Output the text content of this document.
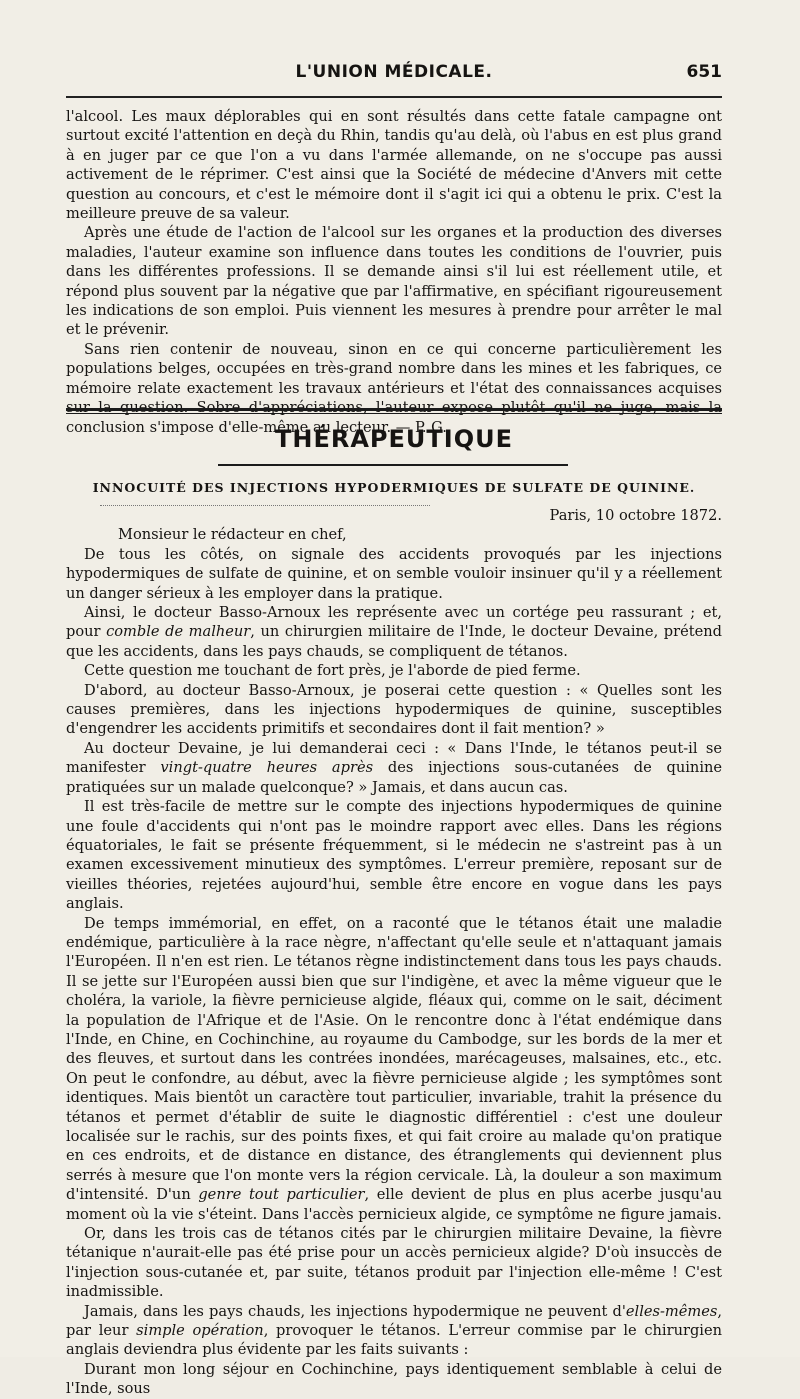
L'UNION MÉDICALE.	651

l'alcool. Les maux déplorables qui en sont résultés dans cette fatale campagne ont surtout excité l'attention en deçà du Rhin, tandis qu'au delà, où l'abus en est plus grand à en juger par ce que l'on a vu dans l'armée allemande, on ne s'occupe pas aussi activement de le réprimer. C'est ainsi que la Société de médecine d'Anvers mit cette question au concours, et c'est le mémoire dont il s'agit ici qui a obtenu le prix. C'est la meilleure preuve de sa valeur.

Après une étude de l'action de l'alcool sur les organes et la production des diverses maladies, l'auteur examine son influence dans toutes les conditions de l'ouvrier, puis dans les différentes professions. Il se demande ainsi s'il lui est réellement utile, et répond plus souvent par la négative que par l'affirmative, en spécifiant rigoureusement les indications de son emploi. Puis viennent les mesures à prendre pour arrêter le mal et le prévenir.

Sans rien contenir de nouveau, sinon en ce qui concerne particulièrement les populations belges, occupées en très-grand nombre dans les mines et les fabriques, ce mémoire relate exactement les travaux antérieurs et l'état des connaissances acquises sur la question. Sobre d'appréciations, l'auteur expose plutôt qu'il ne juge, mais la conclusion s'impose d'elle-même au lecteur. — P. G.

THÉRAPEUTIQUE
INNOCUITÉ DES INJECTIONS HYPODERMIQUES DE SULFATE DE QUININE.

Paris, 10 octobre 1872.

Monsieur le rédacteur en chef,

De tous les côtés, on signale des accidents provoqués par les injections hypodermiques de sulfate de quinine, et on semble vouloir insinuer qu'il y a réellement un danger sérieux à les employer dans la pratique.

Ainsi, le docteur Basso-Arnoux les représente avec un cortége peu rassurant ; et, pour comble de malheur, un chirurgien militaire de l'Inde, le docteur Devaine, prétend que les accidents, dans les pays chauds, se compliquent de tétanos.

Cette question me touchant de fort près, je l'aborde de pied ferme.

D'abord, au docteur Basso-Arnoux, je poserai cette question : « Quelles sont les causes premières, dans les injections hypodermiques de quinine, susceptibles d'engendrer les accidents primitifs et secondaires dont il fait mention? »

Au docteur Devaine, je lui demanderai ceci : « Dans l'Inde, le tétanos peut-il se manifester vingt-quatre heures après des injections sous-cutanées de quinine pratiquées sur un malade quelconque? » Jamais, et dans aucun cas.

Il est très-facile de mettre sur le compte des injections hypodermiques de quinine une foule d'accidents qui n'ont pas le moindre rapport avec elles. Dans les régions équatoriales, le fait se présente fréquemment, si le médecin ne s'astreint pas à un examen excessivement minutieux des symptômes. L'erreur première, reposant sur de vieilles théories, rejetées aujourd'hui, semble être encore en vogue dans les pays anglais.

De temps immémorial, en effet, on a raconté que le tétanos était une maladie endémique, particulière à la race nègre, n'affectant qu'elle seule et n'attaquant jamais l'Européen. Il n'en est rien. Le tétanos règne indistinctement dans tous les pays chauds. Il se jette sur l'Européen aussi bien que sur l'indigène, et avec la même vigueur que le choléra, la variole, la fièvre pernicieuse algide, fléaux qui, comme on le sait, déciment la population de l'Afrique et de l'Asie. On le rencontre donc à l'état endémique dans l'Inde, en Chine, en Cochinchine, au royaume du Cambodge, sur les bords de la mer et des fleuves, et surtout dans les contrées inondées, marécageuses, malsaines, etc., etc. On peut le confondre, au début, avec la fièvre pernicieuse algide ; les symptômes sont identiques. Mais bientôt un caractère tout particulier, invariable, trahit la présence du tétanos et permet d'établir de suite le diagnostic différentiel : c'est une douleur localisée sur le rachis, sur des points fixes, et qui fait croire au malade qu'on pratique en ces endroits, et de distance en distance, des étranglements qui deviennent plus serrés à mesure que l'on monte vers la région cervicale. Là, la douleur a son maximum d'intensité. D'un genre tout particulier, elle devient de plus en plus acerbe jusqu'au moment où la vie s'éteint. Dans l'accès pernicieux algide, ce symptôme ne figure jamais.

Or, dans les trois cas de tétanos cités par le chirurgien militaire Devaine, la fièvre tétanique n'aurait-elle pas été prise pour un accès pernicieux algide? D'où insuccès de l'injection sous-cutanée et, par suite, tétanos produit par l'injection elle-même ! C'est inadmissible.

Jamais, dans les pays chauds, les injections hypodermique ne peuvent d'elles-mêmes, par leur simple opération, provoquer le tétanos. L'erreur commise par le chirurgien anglais deviendra plus évidente par les faits suivants :

Durant mon long séjour en Cochinchine, pays identiquement semblable à celui de l'Inde, sous
